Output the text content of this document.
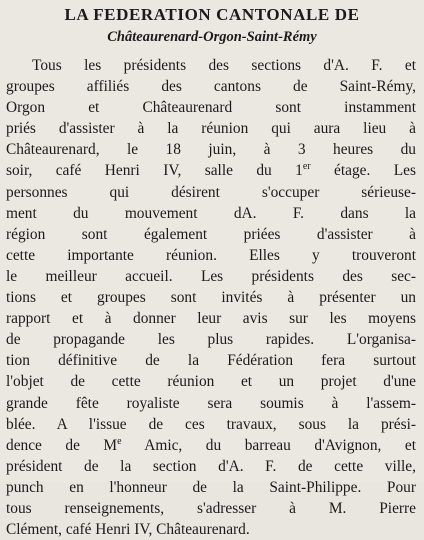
LA FEDERATION CANTONALE DE
Châteaurenard-Orgon-Saint-Rémy
Tous les présidents des sections d'A. F. et
groupes affiliés des cantons de Saint-Rémy,
Orgon et Châteaurenard sont instamment
priés d'assister à la réunion qui aura lieu à
Châteaurenard, le 18 juin, à 3 heures du
soir, café Henri IV, salle du 1er étage. Les
personnes qui désirent s'occuper sérieuse-
ment du mouvement dA. F. dans la
région sont également priées d'assister à
cette importante réunion. Elles y trouveront
le meilleur accueil. Les présidents des sec-
tions et groupes sont invités à présenter un
rapport et à donner leur avis sur les moyens
de propagande les plus rapides. L'organisa-
tion définitive de la Fédération fera surtout
l'objet de cette réunion et un projet d'une
grande fête royaliste sera soumis à l'assem-
blée. A l'issue de ces travaux, sous la prési-
dence de Me Amic, du barreau d'Avignon, et
président de la section d'A. F. de cette ville,
punch en l'honneur de la Saint-Philippe. Pour
tous renseignements, s'adresser à M. Pierre
Clément, café Henri IV, Châteaurenard.
